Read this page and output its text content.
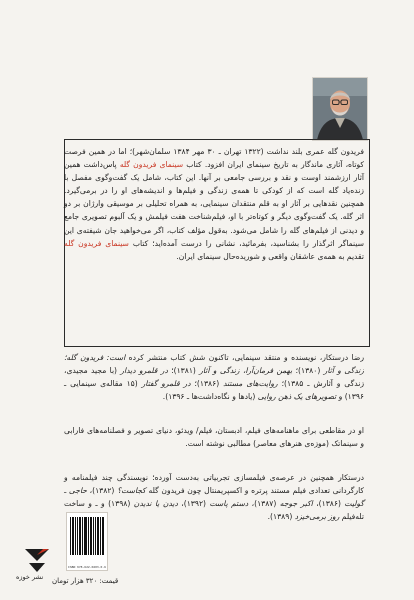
فریدون گله عمری بلند نداشت (۱۳۲۲ تهران ـ ۳۰ مهر ۱۳۸۴ سلمان‌شهر)؛ اما در همین فرصت کوتاه، آثاری ماندگار به تاریخ سینمای ایران افزود. کتاب سینمای فریدون گله پاس‌داشت همین آثار ارزشمند اوست و نقد و بررسی جامعی بر آنها. این کتاب، شامل یک گفت‌وگوی مفصل با زنده‌یاد گله است که از کودکی تا همه‌ی زندگی و فیلم‌ها و اندیشه‌های او را در برمی‌گیرد. همچنین نقدهایی بر آثار او به قلم منتقدان سینمایی، به همراه تحلیلی بر موسیقی وارژان بر دو اثر گله. یک گفت‌وگوی دیگر و کوتاه‌تر با او، فیلم‌شناخت هفت فیلمش و یک آلبوم تصویری جامع و دیدنی از فیلم‌های گله را شامل می‌شود. به‌قول مؤلف کتاب، اگر می‌خواهید جان شیفته‌ی این سینماگر اثرگذار را بشناسید، بفرمائید، نشانی را درست آمده‌اید؛ کتاب سینمای فریدون گله تقدیم به همه‌ی عاشقان واقعی و شوریده‌حال سینمای ایران.

رضا درستکار، نویسنده و منتقد سینمایی، تاکنون شش کتاب منتشر کرده است: فریدون گله؛ زندگی و آثار (۱۳۸۰)؛ بهمن فرمان‌آرا، زندگی و آثار (۱۳۸۱)؛ در قلمرو دیدار (با مجید مجیدی، زندگی و آثارش ـ ۱۳۸۵)؛ روایت‌های مستند (۱۳۸۶)؛ در قلمرو گفتار (۱۵ مقاله‌ی سینمایی ـ ۱۳۹۶) و تصویرهای یک ذهن روایی (یادها و نگاه‌داشت‌ها ـ ۱۳۹۶).

او در مقاطعی برای ماهنامه‌های فیلم، ادبستان، فیلم/ ویدئو، دنیای تصویر و فصلنامه‌های فارابی و سینماتک (موزه‌ی هنرهای معاصر) مطالبی نوشته است.

درستکار همچنین در عرصه‌ی فیلمسازی تجربیاتی به‌دست آورده؛ نویسندگی چند فیلمنامه و کارگردانی تعدادی فیلم مستند پرتره و اکسپریمنتال چون فریدون گله کجاست؟ (۱۳۸۲)، حاجی ـ گولیت (۱۳۸۶)، اکبر جوجه (۱۳۸۷)، دستم پاست (۱۳۹۲)، دیدن یا ندیدن (۱۳۹۸) و ـ و ساخت تله‌فیلم روز برمی‌خیزد (۱۳۸۹).

ISBN 978-622-6603-0-6
نشر خوزه قیمت: ۳۲۰ هزار تومان
